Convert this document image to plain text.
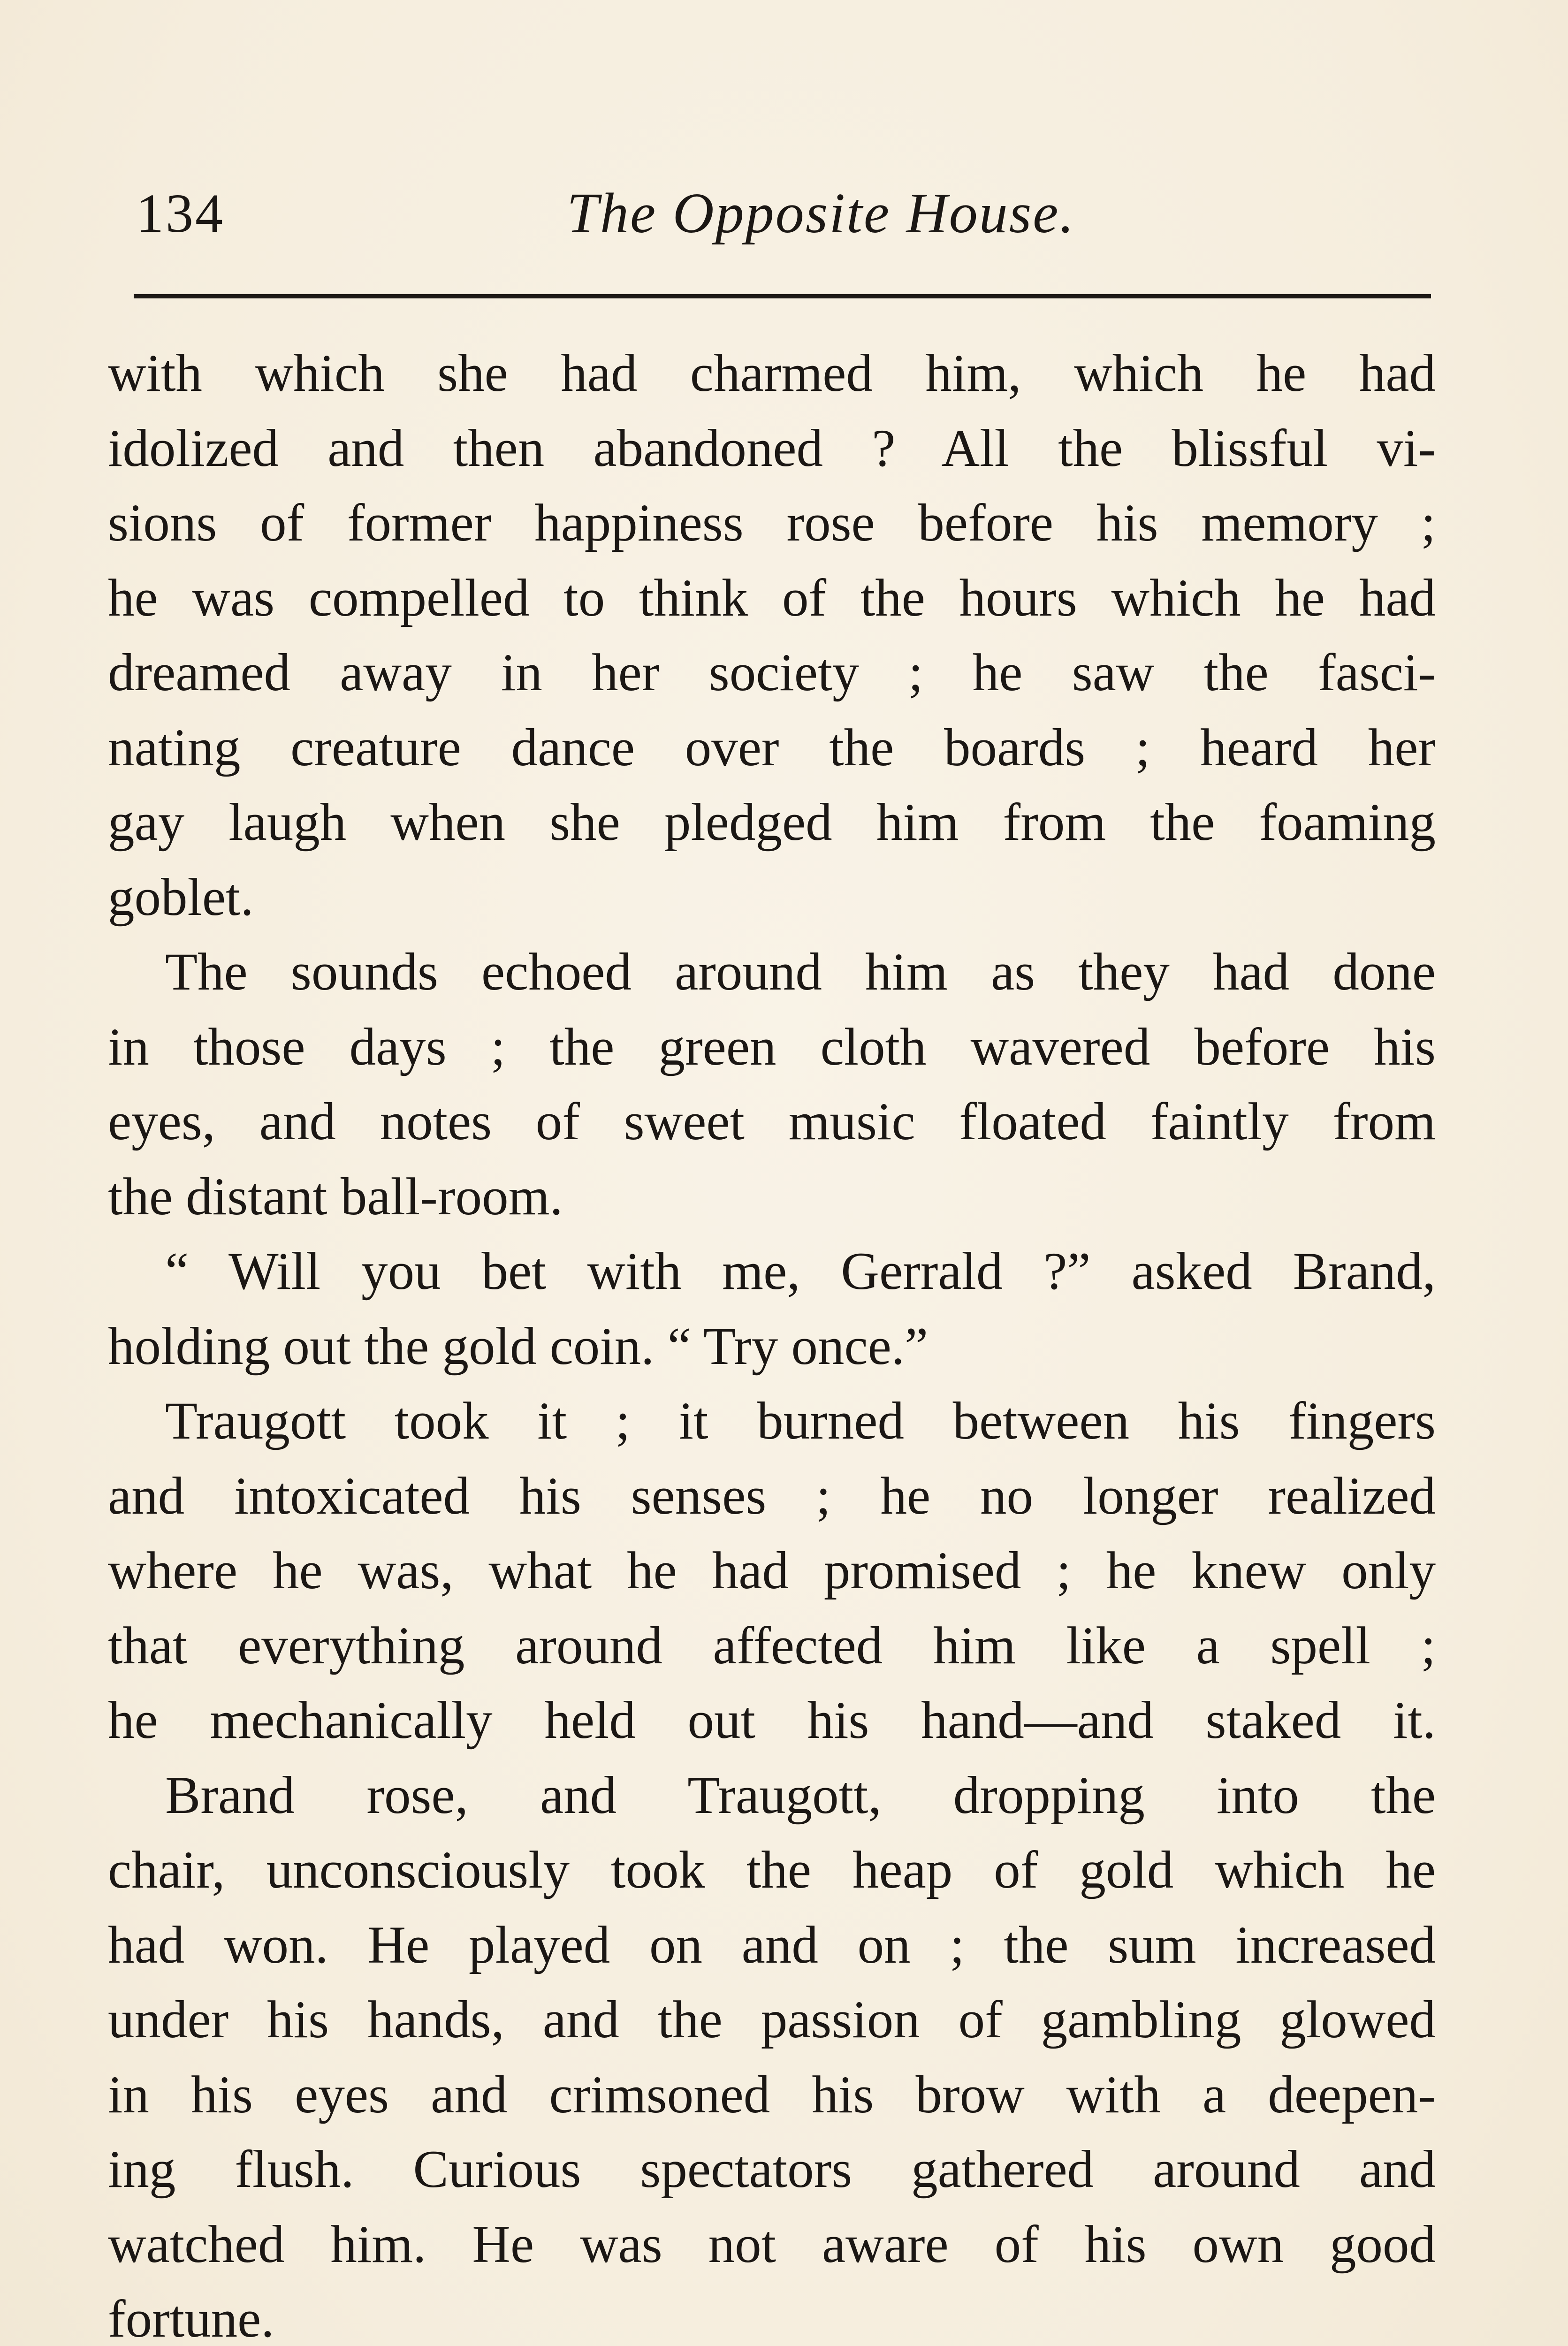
134	The Opposite House.
with which she had charmed him, which he had
idolized and then abandoned ? All the blissful vi-
sions of former happiness rose before his memory ;
he was compelled to think of the hours which he had
dreamed away in her society ; he saw the fasci-
nating creature dance over the boards ; heard her
gay laugh when she pledged him from the foaming
goblet.
The sounds echoed around him as they had done
in those days ; the green cloth wavered before his
eyes, and notes of sweet music floated faintly from
the distant ball-room.
“ Will you bet with me, Gerrald ?” asked Brand,
holding out the gold coin. “ Try once.”
Traugott took it ; it burned between his fingers
and intoxicated his senses ; he no longer realized
where he was, what he had promised ; he knew only
that everything around affected him like a spell ;
he mechanically held out his hand—and staked it.
Brand rose, and Traugott, dropping into the
chair, unconsciously took the heap of gold which he
had won. He played on and on ; the sum increased
under his hands, and the passion of gambling glowed
in his eyes and crimsoned his brow with a deepen-
ing flush. Curious spectators gathered around and
watched him. He was not aware of his own good
fortune.
